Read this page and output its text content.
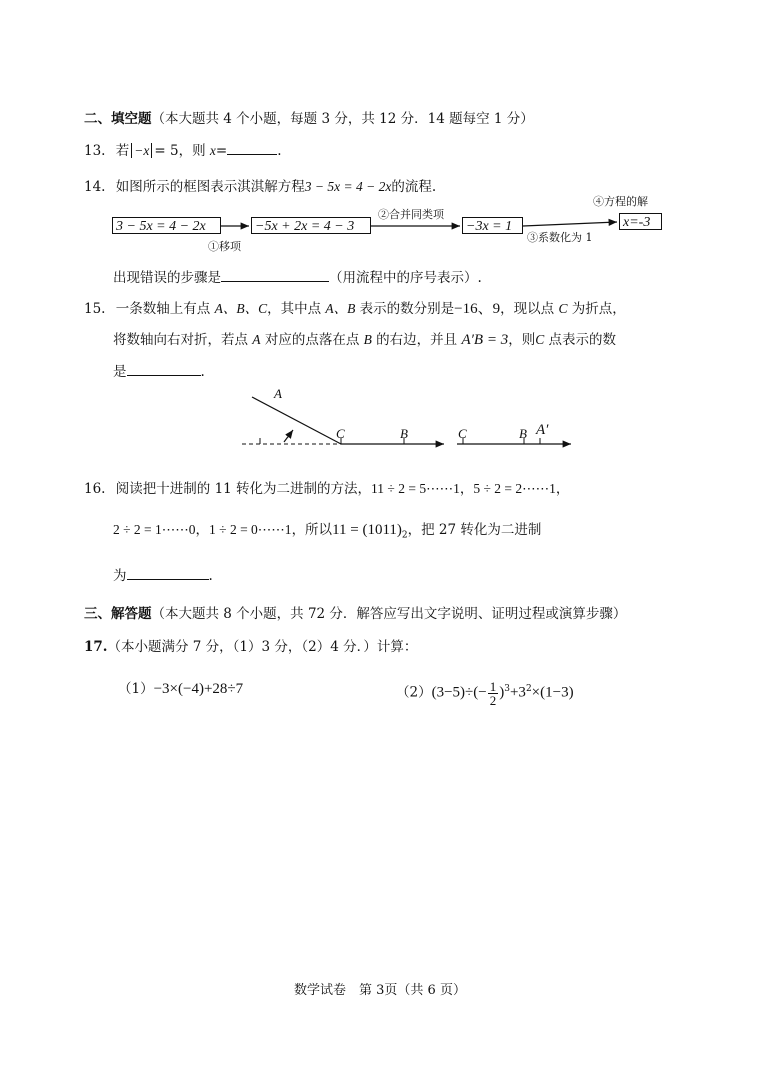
二、填空题（本大题共 4 个小题，每题 3 分，共 12 分．14 题每空 1 分）
13. 若 −x = 5，则 x=	.
14. 如图所示的框图表示淇淇解方程3 − 5x = 4 − 2x的流程.
④方程的解
3 − 5x = 4 − 2x	−5x + 2x = 4 − 3	−3x = 1	x=-3
②合并同类项
①移项
③系数化为 1
出现错误的步骤是	（用流程中的序号表示）.
15. 一条数轴上有点 A、B、C，其中点 A、B 表示的数分别是−16、9，现以点 C 为折点，
将数轴向右对折，若点 A 对应的点落在点 B 的右边，并且 A′B = 3，则C 点表示的数
是	.
A
C	B	C	B A′
16. 阅读把十进制的 11 转化为二进制的方法，11 ÷ 2 = 5⋯⋯1，5 ÷ 2 = 2⋯⋯1，
2 ÷ 2 = 1⋯⋯0，1 ÷ 2 = 0⋯⋯1，所以$11 = (1011)_2$，把 27 转化为二进制
为	.
三、解答题（本大题共 8 个小题，共 72 分．解答应写出文字说明、证明过程或演算步骤）
17.（本小题满分 7 分，（1）3 分，（2）4 分．）计算：
（1）−3×(−4)+28÷7	$(2)(3-5)\div(- \frac{1}{2} )^3+3^2\times(1-3)$
数学试卷　第 3页（共 6 页）
